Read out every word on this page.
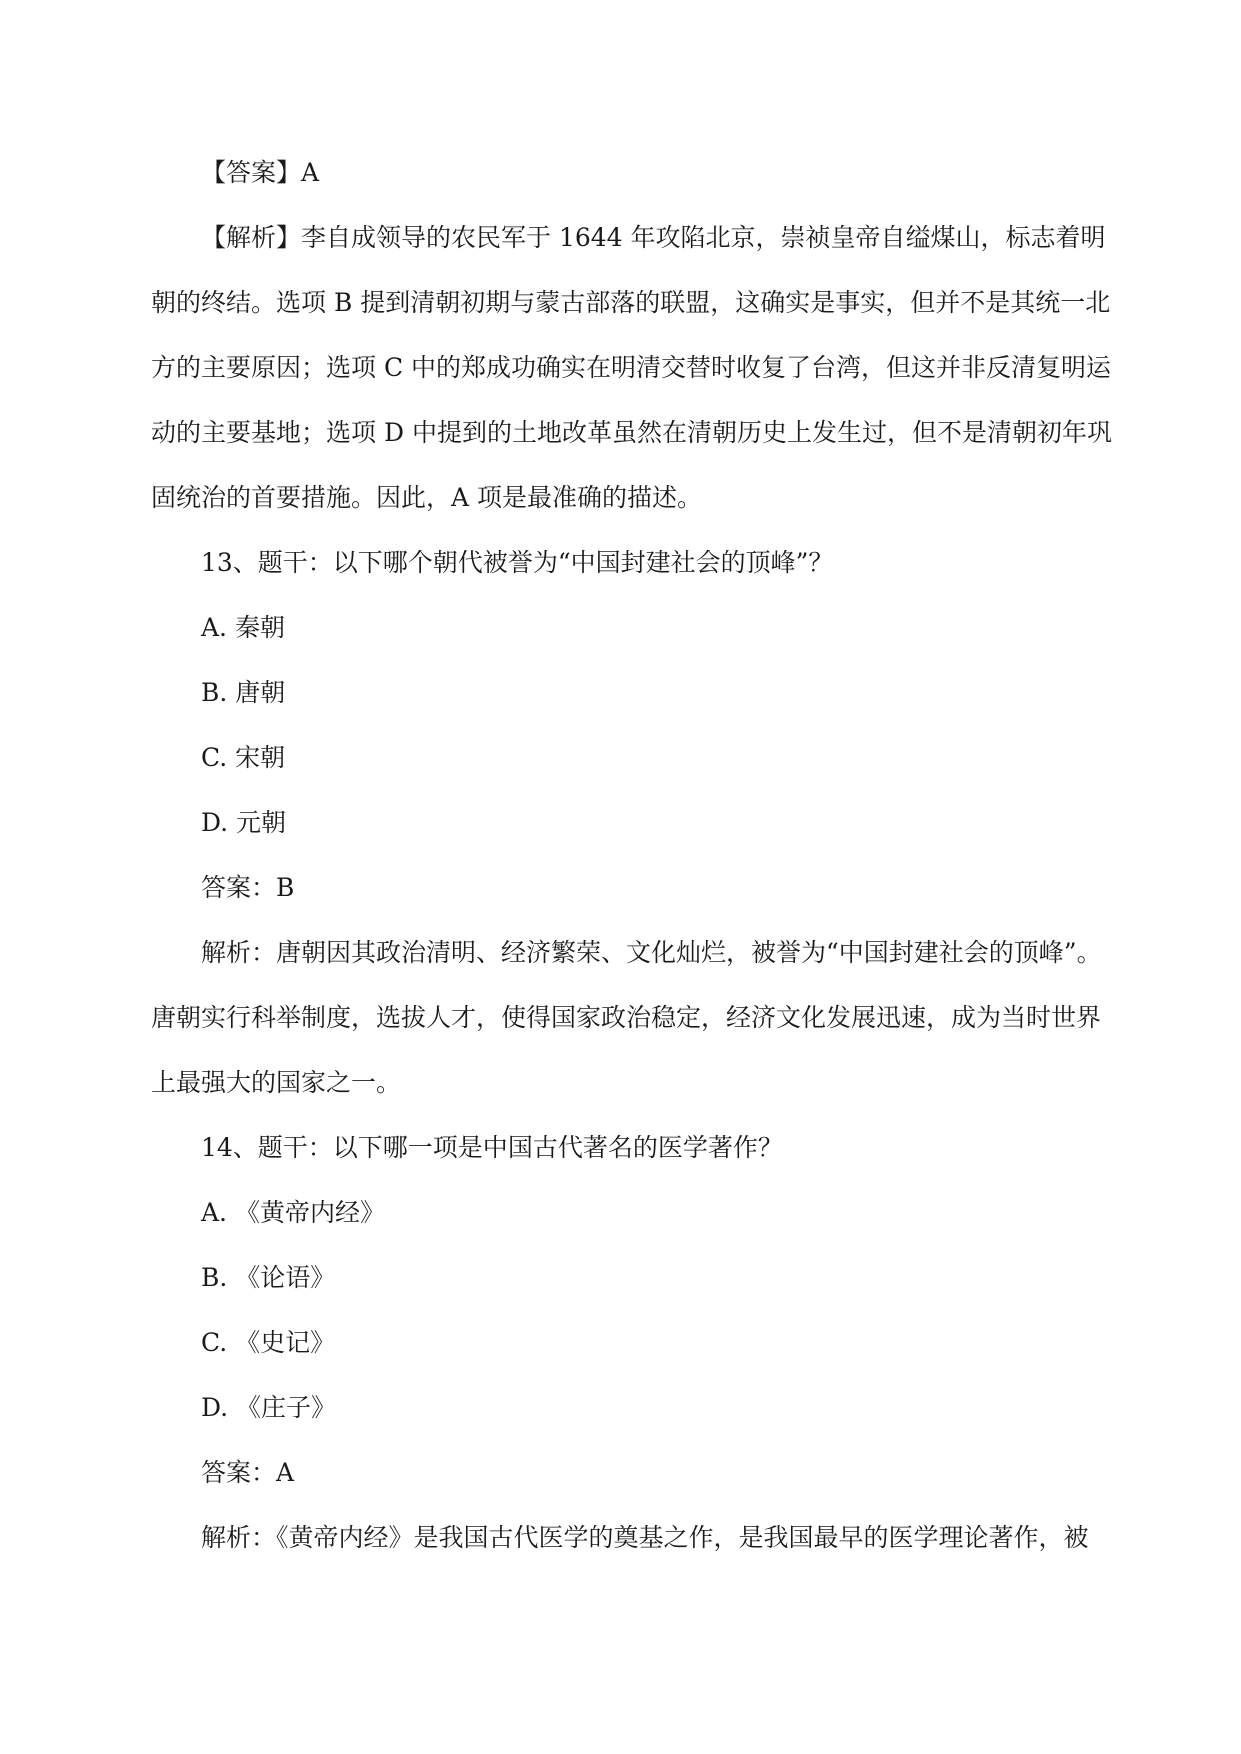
【答案】A

【解析】李自成领导的农民军于 1644 年攻陷北京，崇祯皇帝自缢煤山，标志着明

朝的终结。选项 B 提到清朝初期与蒙古部落的联盟，这确实是事实，但并不是其统一北

方的主要原因；选项 C 中的郑成功确实在明清交替时收复了台湾，但这并非反清复明运

动的主要基地；选项 D 中提到的土地改革虽然在清朝历史上发生过，但不是清朝初年巩

固统治的首要措施。因此，A 项是最准确的描述。

13、题干：以下哪个朝代被誉为“中国封建社会的顶峰”？

A. 秦朝

B. 唐朝

C. 宋朝

D. 元朝

答案：B

解析：唐朝因其政治清明、经济繁荣、文化灿烂，被誉为“中国封建社会的顶峰”。

唐朝实行科举制度，选拔人才，使得国家政治稳定，经济文化发展迅速，成为当时世界

上最强大的国家之一。

14、题干：以下哪一项是中国古代著名的医学著作？

A. 《黄帝内经》

B. 《论语》

C. 《史记》

D. 《庄子》

答案：A

解析：《黄帝内经》是我国古代医学的奠基之作，是我国最早的医学理论著作，被
